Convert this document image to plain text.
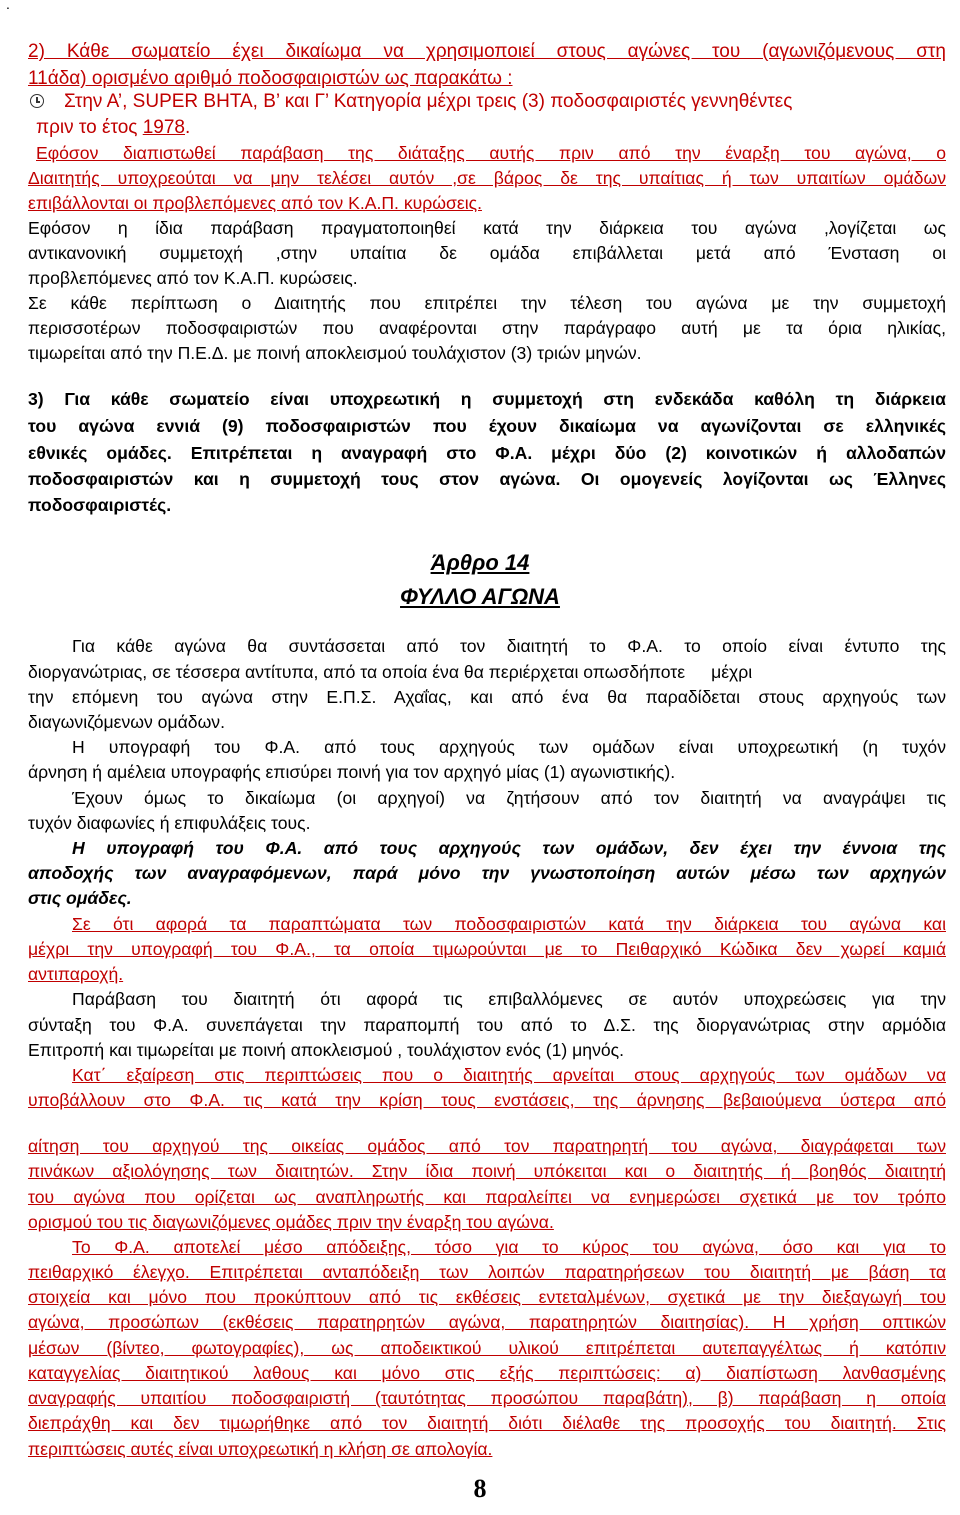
.
2) Κάθε σωματείο έχει δικαίωμα να χρησιμοποιεί στους αγώνες του (αγωνιζόμενους στη
11άδα) ορισμένο αριθμό ποδοσφαιριστών ως παρακάτω :
Στην Α’, SUPER ΒΗΤΑ, Β’ και Γ’ Κατηγορία μέχρι τρεις (3) ποδοσφαιριστές γεννηθέντες
πριν το έτος 1978.
Εφόσον διαπιστωθεί παράβαση της διάταξης αυτής πριν από την έναρξη του αγώνα, ο
Διαιτητής υποχρεούται να μην τελέσει αυτόν ,σε βάρος δε της υπαίτιας ή των υπαιτίων ομάδων
επιβάλλονται οι προβλεπόμενες από τον Κ.Α.Π. κυρώσεις.
Εφόσον η ίδια παράβαση πραγματοποιηθεί κατά την διάρκεια του αγώνα ,λογίζεται ως
αντικανονική συμμετοχή ,στην υπαίτια δε ομάδα επιβάλλεται μετά από Ένσταση οι
προβλεπόμενες από τον Κ.Α.Π. κυρώσεις.
Σε κάθε περίπτωση ο Διαιτητής που επιτρέπει την τέλεση του αγώνα με την συμμετοχή
περισσοτέρων ποδοσφαιριστών που αναφέρονται στην παράγραφο αυτή με τα όρια ηλικίας,
τιμωρείται από την Π.Ε.Δ. με ποινή αποκλεισμού τουλάχιστον (3) τριών μηνών.
3) Για κάθε σωματείο είναι υποχρεωτική η συμμετοχή στη ενδεκάδα καθόλη τη διάρκεια
του αγώνα εννιά (9) ποδοσφαιριστών που έχουν δικαίωμα να αγωνίζονται σε ελληνικές
εθνικές ομάδες. Επιτρέπεται η αναγραφή στο Φ.Α. μέχρι δύο (2) κοινοτικών ή αλλοδαπών
ποδοσφαιριστών και η συμμετοχή τους στον αγώνα. Οι ομογενείς λογίζονται ως Έλληνες
ποδοσφαιριστές.
Άρθρο 14
ΦΥΛΛΟ ΑΓΩΝΑ
Για κάθε αγώνα θα συντάσσεται από τον διαιτητή το Φ.Α. το οποίο είναι έντυπο της
διοργανώτριας, σε τέσσερα αντίτυπα, από τα οποία ένα θα περιέρχεται οπωσδήποτε μέχρι
την επόμενη του αγώνα στην Ε.Π.Σ. Αχαΐας, και από ένα θα παραδίδεται στους αρχηγούς των
διαγωνιζόμενων ομάδων.
Η υπογραφή του Φ.Α. από τους αρχηγούς των ομάδων είναι υποχρεωτική (η τυχόν
άρνηση ή αμέλεια υπογραφής επισύρει ποινή για τον αρχηγό μίας (1) αγωνιστικής).
Έχουν όμως το δικαίωμα (οι αρχηγοί) να ζητήσουν από τον διαιτητή να αναγράψει τις
τυχόν διαφωνίες ή επιφυλάξεις τους.
Η υπογραφή του Φ.Α. από τους αρχηγούς των ομάδων, δεν έχει την έννοια της
αποδοχής των αναγραφόμενων, παρά μόνο την γνωστοποίηση αυτών μέσω των αρχηγών
στις ομάδες.
Σε ότι αφορά τα παραπτώματα των ποδοσφαιριστών κατά την διάρκεια του αγώνα και
μέχρι την υπογραφή του Φ.Α., τα οποία τιμωρούνται με το Πειθαρχικό Κώδικα δεν χωρεί καμιά
αντιπαροχή.
Παράβαση του διαιτητή ότι αφορά τις επιβαλλόμενες σε αυτόν υποχρεώσεις για την
σύνταξη του Φ.Α. συνεπάγεται την παραπομπή του από το Δ.Σ. της διοργανώτριας στην αρμόδια
Επιτροπή και τιμωρείται με ποινή αποκλεισμού , τουλάχιστον ενός (1) μηνός.
Κατ΄ εξαίρεση στις περιπτώσεις που ο διαιτητής αρνείται στους αρχηγούς των ομάδων να
υποβάλλουν στο Φ.Α. τις κατά την κρίση τους ενστάσεις, της άρνησης βεβαιούμενα ύστερα από
αίτηση του αρχηγού της οικείας ομάδος από τον παρατηρητή του αγώνα, διαγράφεται των
πινάκων αξιολόγησης των διαιτητών. Στην ίδια ποινή υπόκειται και ο διαιτητής ή βοηθός διαιτητή
του αγώνα που ορίζεται ως αναπληρωτής και παραλείπει να ενημερώσει σχετικά με τον τρόπο
ορισμού του τις διαγωνιζόμενες ομάδες πριν την έναρξη του αγώνα.
Το Φ.Α. αποτελεί μέσο απόδειξης, τόσο για το κύρος του αγώνα, όσο και για το
πειθαρχικό έλεγχο. Επιτρέπεται ανταπόδειξη των λοιπών παρατηρήσεων του διαιτητή με βάση τα
στοιχεία και μόνο που προκύπτουν από τις εκθέσεις εντεταλμένων, σχετικά με την διεξαγωγή του
αγώνα, προσώπων (εκθέσεις παρατηρητών αγώνα, παρατηρητών διαιτησίας). Η χρήση οπτικών
μέσων (βίντεο, φωτογραφίες), ως αποδεικτικού υλικού επιτρέπεται αυτεπαγγέλτως ή κατόπιν
καταγγελίας διαιτητικού λαθους και μόνο στις εξής περιπτώσεις: α) διαπίστωση λανθασμένης
αναγραφής υπαιτίου ποδοσφαιριστή (ταυτότητας προσώπου παραβάτη), β) παράβαση η οποία
διεπράχθη και δεν τιμωρήθηκε από τον διαιτητή διότι διέλαθε της προσοχής του διαιτητή. Στις
περιπτώσεις αυτές είναι υποχρεωτική η κλήση σε απολογία.
8
